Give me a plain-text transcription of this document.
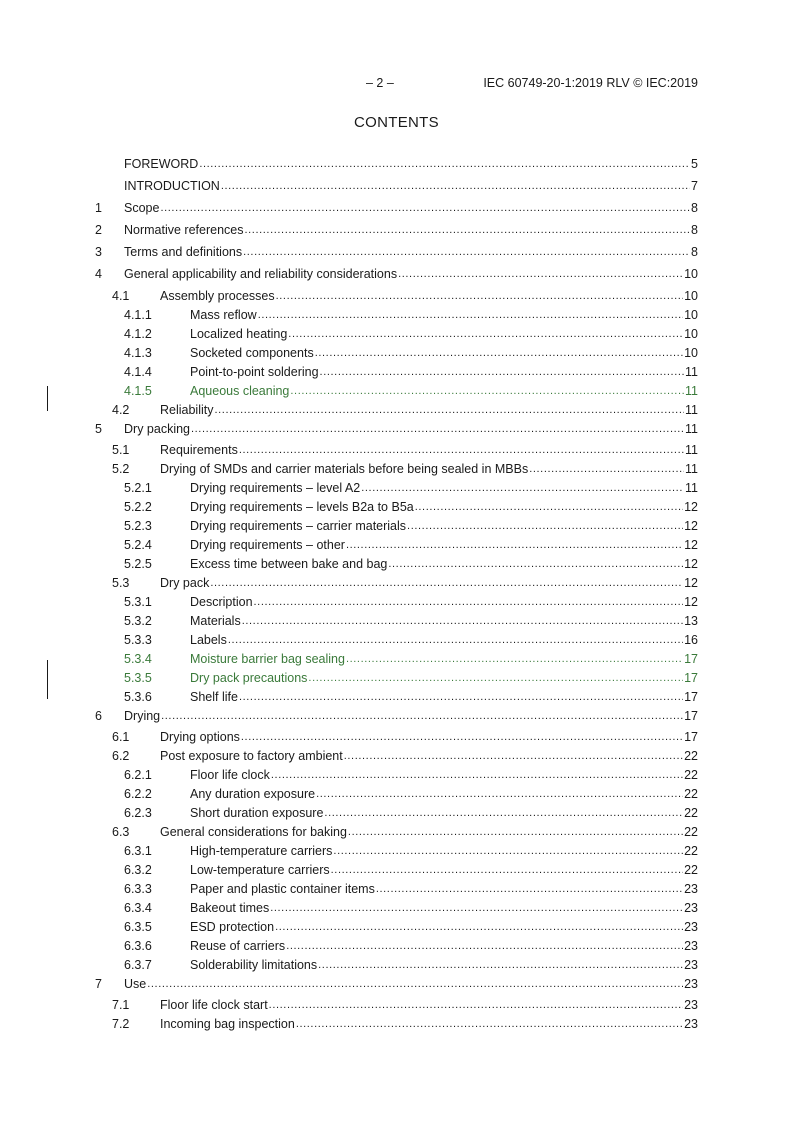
– 2 –	IEC 60749-20-1:2019 RLV © IEC:2019
CONTENTS
FOREWORD .....	5
INTRODUCTION .....	7
1	Scope .....	8
2	Normative references .....	8
3	Terms and definitions .....	8
4	General applicability and reliability considerations .....	10
4.1	Assembly processes .....	10
4.1.1	Mass reflow .....	10
4.1.2	Localized heating .....	10
4.1.3	Socketed components .....	10
4.1.4	Point-to-point soldering .....	11
4.1.5	Aqueous cleaning .....	11
4.2	Reliability .....	11
5	Dry packing .....	11
5.1	Requirements .....	11
5.2	Drying of SMDs and carrier materials before being sealed in MBBs .....	11
5.2.1	Drying requirements – level A2 .....	11
5.2.2	Drying requirements – levels B2a to B5a .....	12
5.2.3	Drying requirements – carrier materials .....	12
5.2.4	Drying requirements – other .....	12
5.2.5	Excess time between bake and bag .....	12
5.3	Dry pack .....	12
5.3.1	Description .....	12
5.3.2	Materials .....	13
5.3.3	Labels .....	16
5.3.4	Moisture barrier bag sealing .....	17
5.3.5	Dry pack precautions .....	17
5.3.6	Shelf life .....	17
6	Drying .....	17
6.1	Drying options .....	17
6.2	Post exposure to factory ambient .....	22
6.2.1	Floor life clock .....	22
6.2.2	Any duration exposure .....	22
6.2.3	Short duration exposure .....	22
6.3	General considerations for baking .....	22
6.3.1	High-temperature carriers .....	22
6.3.2	Low-temperature carriers .....	22
6.3.3	Paper and plastic container items .....	23
6.3.4	Bakeout times .....	23
6.3.5	ESD protection .....	23
6.3.6	Reuse of carriers .....	23
6.3.7	Solderability limitations .....	23
7	Use .....	23
7.1	Floor life clock start .....	23
7.2	Incoming bag inspection .....	23
